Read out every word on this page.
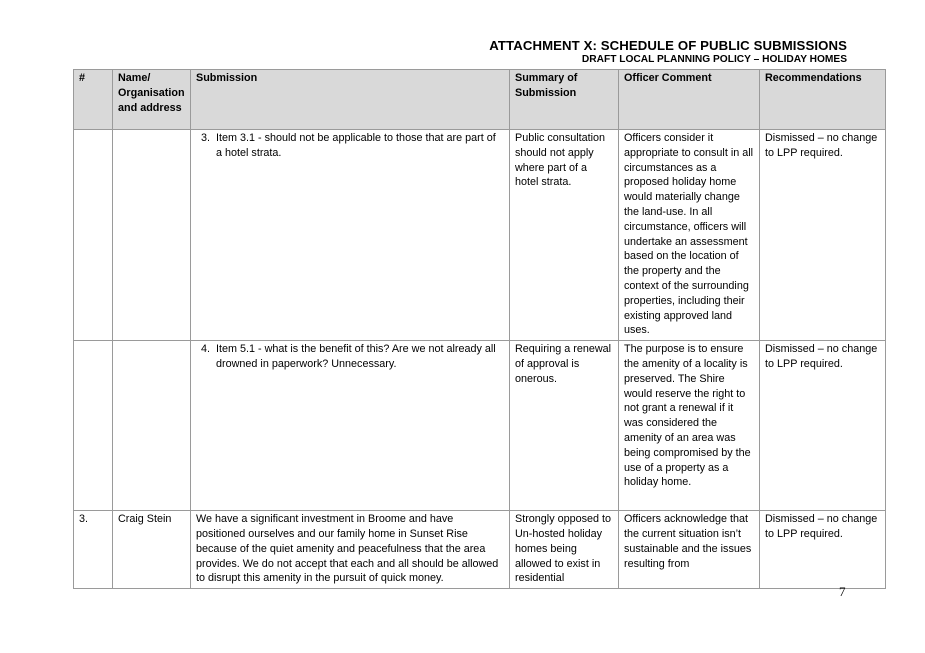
ATTACHMENT X: SCHEDULE OF PUBLIC SUBMISSIONS
DRAFT LOCAL PLANNING POLICY – HOLIDAY HOMES
#	Name/ Organisation and address	Submission	Summary of Submission	Officer Comment	Recommendations

		3. Item 3.1 - should not be applicable to those that are part of a hotel strata.	Public consultation should not apply where part of a hotel strata.	Officers consider it appropriate to consult in all circumstances as a proposed holiday home would materially change the land-use. In all circumstance, officers will undertake an assessment based on the location of the property and the context of the surrounding properties, including their existing approved land uses.	Dismissed – no change to LPP required.

		4. Item 5.1 - what is the benefit of this? Are we not already all drowned in paperwork? Unnecessary.	Requiring a renewal of approval is onerous.	The purpose is to ensure the amenity of a locality is preserved. The Shire would reserve the right to not grant a renewal if it was considered the amenity of an area was being compromised by the use of a property as a holiday home.	Dismissed – no change to LPP required.
3.	Craig Stein	We have a significant investment in Broome and have positioned ourselves and our family home in Sunset Rise because of the quiet amenity and peacefulness that the area provides. We do not accept that each and all should be allowed to disrupt this amenity in the pursuit of quick money.	Strongly opposed to Un-hosted holiday homes being allowed to exist in residential	Officers acknowledge that the current situation isn’t sustainable and the issues resulting from	Dismissed – no change to LPP required.
7
